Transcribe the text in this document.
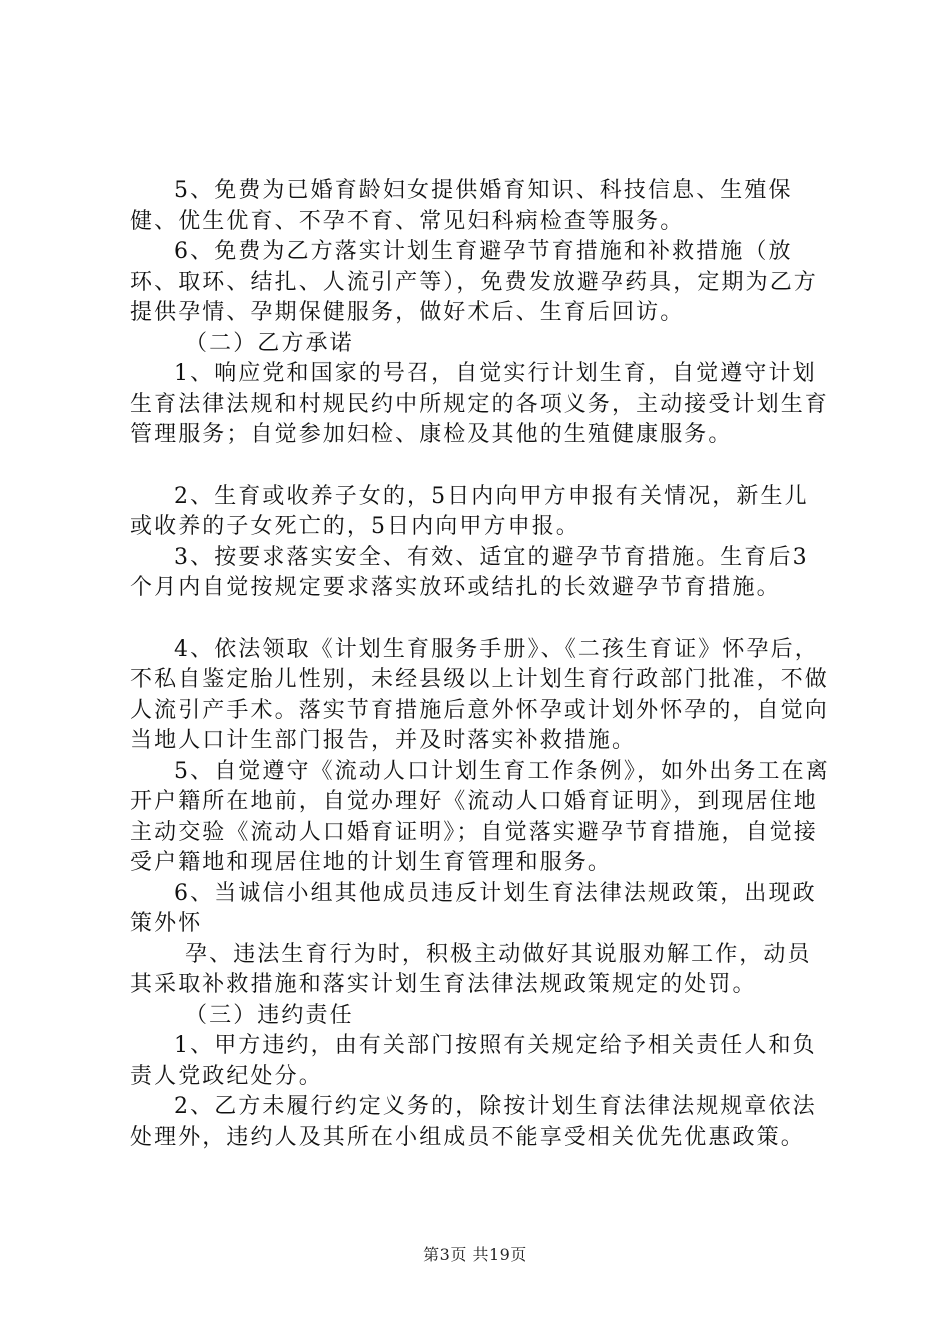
5、免费为已婚育龄妇女提供婚育知识、科技信息、生殖保健、优生优育、不孕不育、常见妇科病检查等服务。

6、免费为乙方落实计划生育避孕节育措施和补救措施（放环、取环、结扎、人流引产等），免费发放避孕药具，定期为乙方提供孕情、孕期保健服务，做好术后、生育后回访。

（二）乙方承诺

1、响应党和国家的号召，自觉实行计划生育，自觉遵守计划生育法律法规和村规民约中所规定的各项义务，主动接受计划生育管理服务；自觉参加妇检、康检及其他的生殖健康服务。

2、生育或收养子女的，5日内向甲方申报有关情况，新生儿或收养的子女死亡的，5日内向甲方申报。

3、按要求落实安全、有效、适宜的避孕节育措施。生育后3个月内自觉按规定要求落实放环或结扎的长效避孕节育措施。

4、依法领取《计划生育服务手册》、《二孩生育证》怀孕后，不私自鉴定胎儿性别，未经县级以上计划生育行政部门批准，不做人流引产手术。落实节育措施后意外怀孕或计划外怀孕的，自觉向当地人口计生部门报告，并及时落实补救措施。

5、自觉遵守《流动人口计划生育工作条例》，如外出务工在离开户籍所在地前，自觉办理好《流动人口婚育证明》，到现居住地主动交验《流动人口婚育证明》；自觉落实避孕节育措施，自觉接受户籍地和现居住地的计划生育管理和服务。

6、当诚信小组其他成员违反计划生育法律法规政策，出现政策外怀

孕、违法生育行为时，积极主动做好其说服劝解工作，动员其采取补救措施和落实计划生育法律法规政策规定的处罚。

（三）违约责任

1、甲方违约，由有关部门按照有关规定给予相关责任人和负责人党政纪处分。

2、乙方未履行约定义务的，除按计划生育法律法规规章依法处理外，违约人及其所在小组成员不能享受相关优先优惠政策。

第3页 共19页
